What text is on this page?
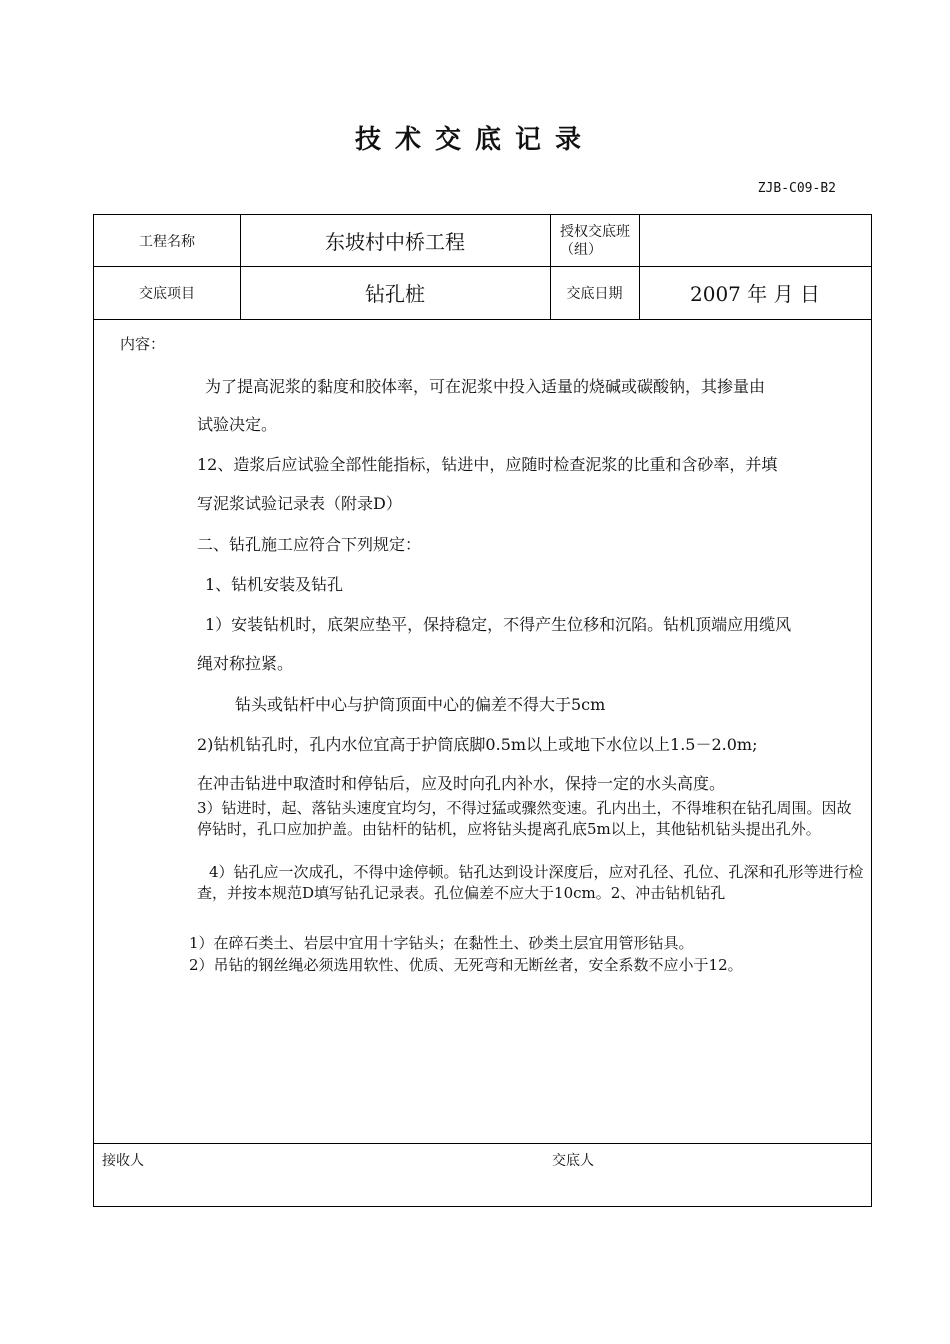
技术交底记录
ZJB-C09-B2
工程名称	东坡村中桥工程	授权交底班（组）
交底项目	钻孔桩	交底日期	2007 年 月 日
内容：
为了提高泥浆的黏度和胶体率，可在泥浆中投入适量的烧碱或碳酸钠，其掺量由
试验决定。
12、造浆后应试验全部性能指标，钻进中，应随时检查泥浆的比重和含砂率，并填
写泥浆试验记录表（附录D）
二、钻孔施工应符合下列规定：
1、钻机安装及钻孔
1）安装钻机时，底架应垫平，保持稳定，不得产生位移和沉陷。钻机顶端应用缆风
绳对称拉紧。
钻头或钻杆中心与护筒顶面中心的偏差不得大于5cm
2)钻机钻孔时，孔内水位宜高于护筒底脚0.5m以上或地下水位以上1.5－2.0m;
在冲击钻进中取渣时和停钻后，应及时向孔内补水，保持一定的水头高度。
3）钻进时，起、落钻头速度宜均匀，不得过猛或骤然变速。孔内出土，不得堆积在钻孔周围。因故停钻时，孔口应加护盖。由钻杆的钻机，应将钻头提离孔底5m以上，其他钻机钻头提出孔外。
4）钻孔应一次成孔，不得中途停顿。钻孔达到设计深度后，应对孔径、孔位、孔深和孔形等进行检查，并按本规范D填写钻孔记录表。孔位偏差不应大于10cm。2、冲击钻机钻孔
1）在碎石类土、岩层中宜用十字钻头；在黏性土、砂类土层宜用管形钻具。
2）吊钻的钢丝绳必须选用软性、优质、无死弯和无断丝者，安全系数不应小于12。
接收人	交底人
